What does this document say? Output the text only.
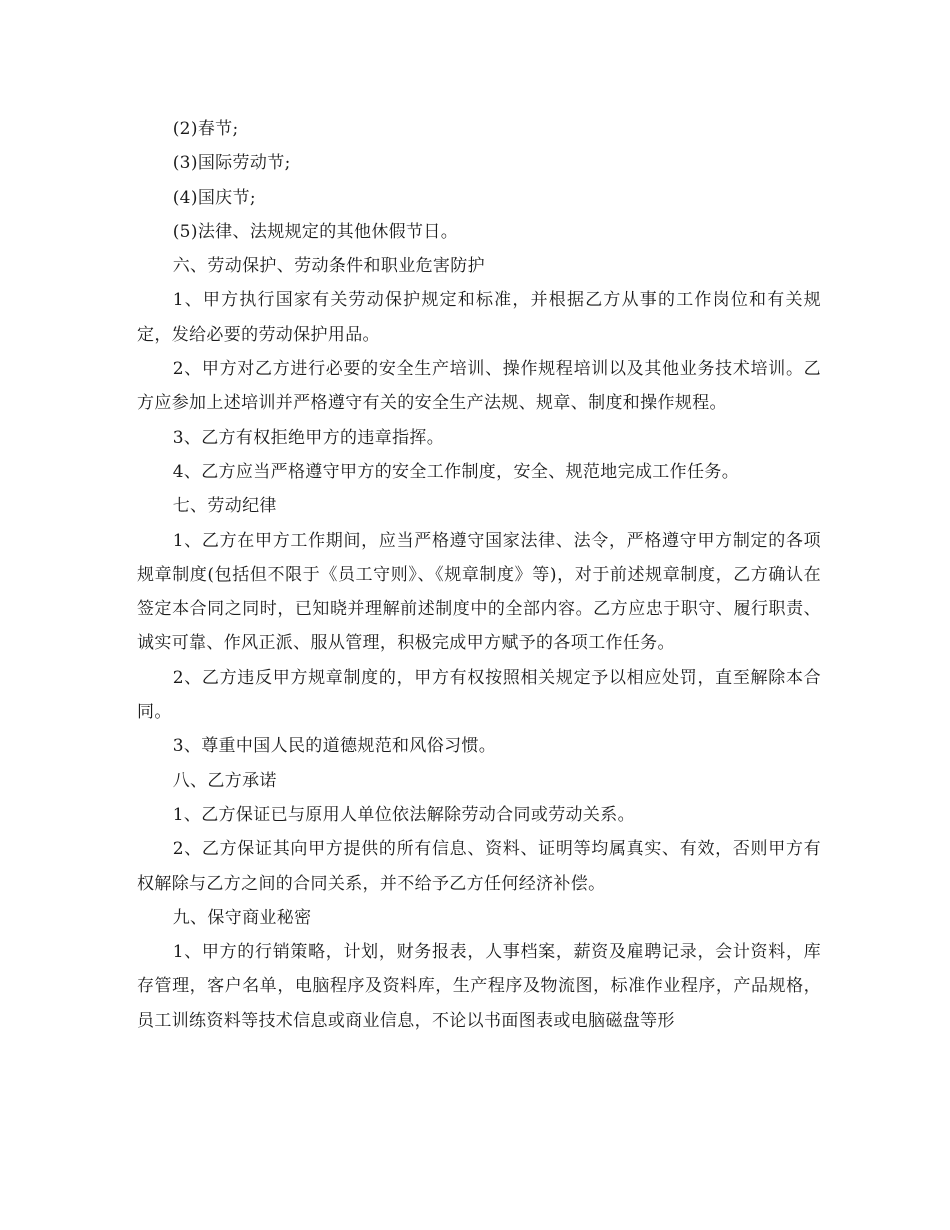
(2)春节;

(3)国际劳动节;

(4)国庆节;

(5)法律、法规规定的其他休假节日。

六、劳动保护、劳动条件和职业危害防护

1、甲方执行国家有关劳动保护规定和标准，并根据乙方从事的工作岗位和有关规定，发给必要的劳动保护用品。

2、甲方对乙方进行必要的安全生产培训、操作规程培训以及其他业务技术培训。乙方应参加上述培训并严格遵守有关的安全生产法规、规章、制度和操作规程。

3、乙方有权拒绝甲方的违章指挥。

4、乙方应当严格遵守甲方的安全工作制度，安全、规范地完成工作任务。

七、劳动纪律

1、乙方在甲方工作期间，应当严格遵守国家法律、法令，严格遵守甲方制定的各项规章制度(包括但不限于《员工守则》、《规章制度》等)，对于前述规章制度，乙方确认在签定本合同之同时，已知晓并理解前述制度中的全部内容。乙方应忠于职守、履行职责、诚实可靠、作风正派、服从管理，积极完成甲方赋予的各项工作任务。

2、乙方违反甲方规章制度的，甲方有权按照相关规定予以相应处罚，直至解除本合同。

3、尊重中国人民的道德规范和风俗习惯。

八、乙方承诺

1、乙方保证已与原用人单位依法解除劳动合同或劳动关系。

2、乙方保证其向甲方提供的所有信息、资料、证明等均属真实、有效，否则甲方有权解除与乙方之间的合同关系，并不给予乙方任何经济补偿。

九、保守商业秘密

1、甲方的行销策略，计划，财务报表，人事档案，薪资及雇聘记录，会计资料，库存管理，客户名单，电脑程序及资料库，生产程序及物流图，标准作业程序，产品规格，员工训练资料等技术信息或商业信息，不论以书面图表或电脑磁盘等形
